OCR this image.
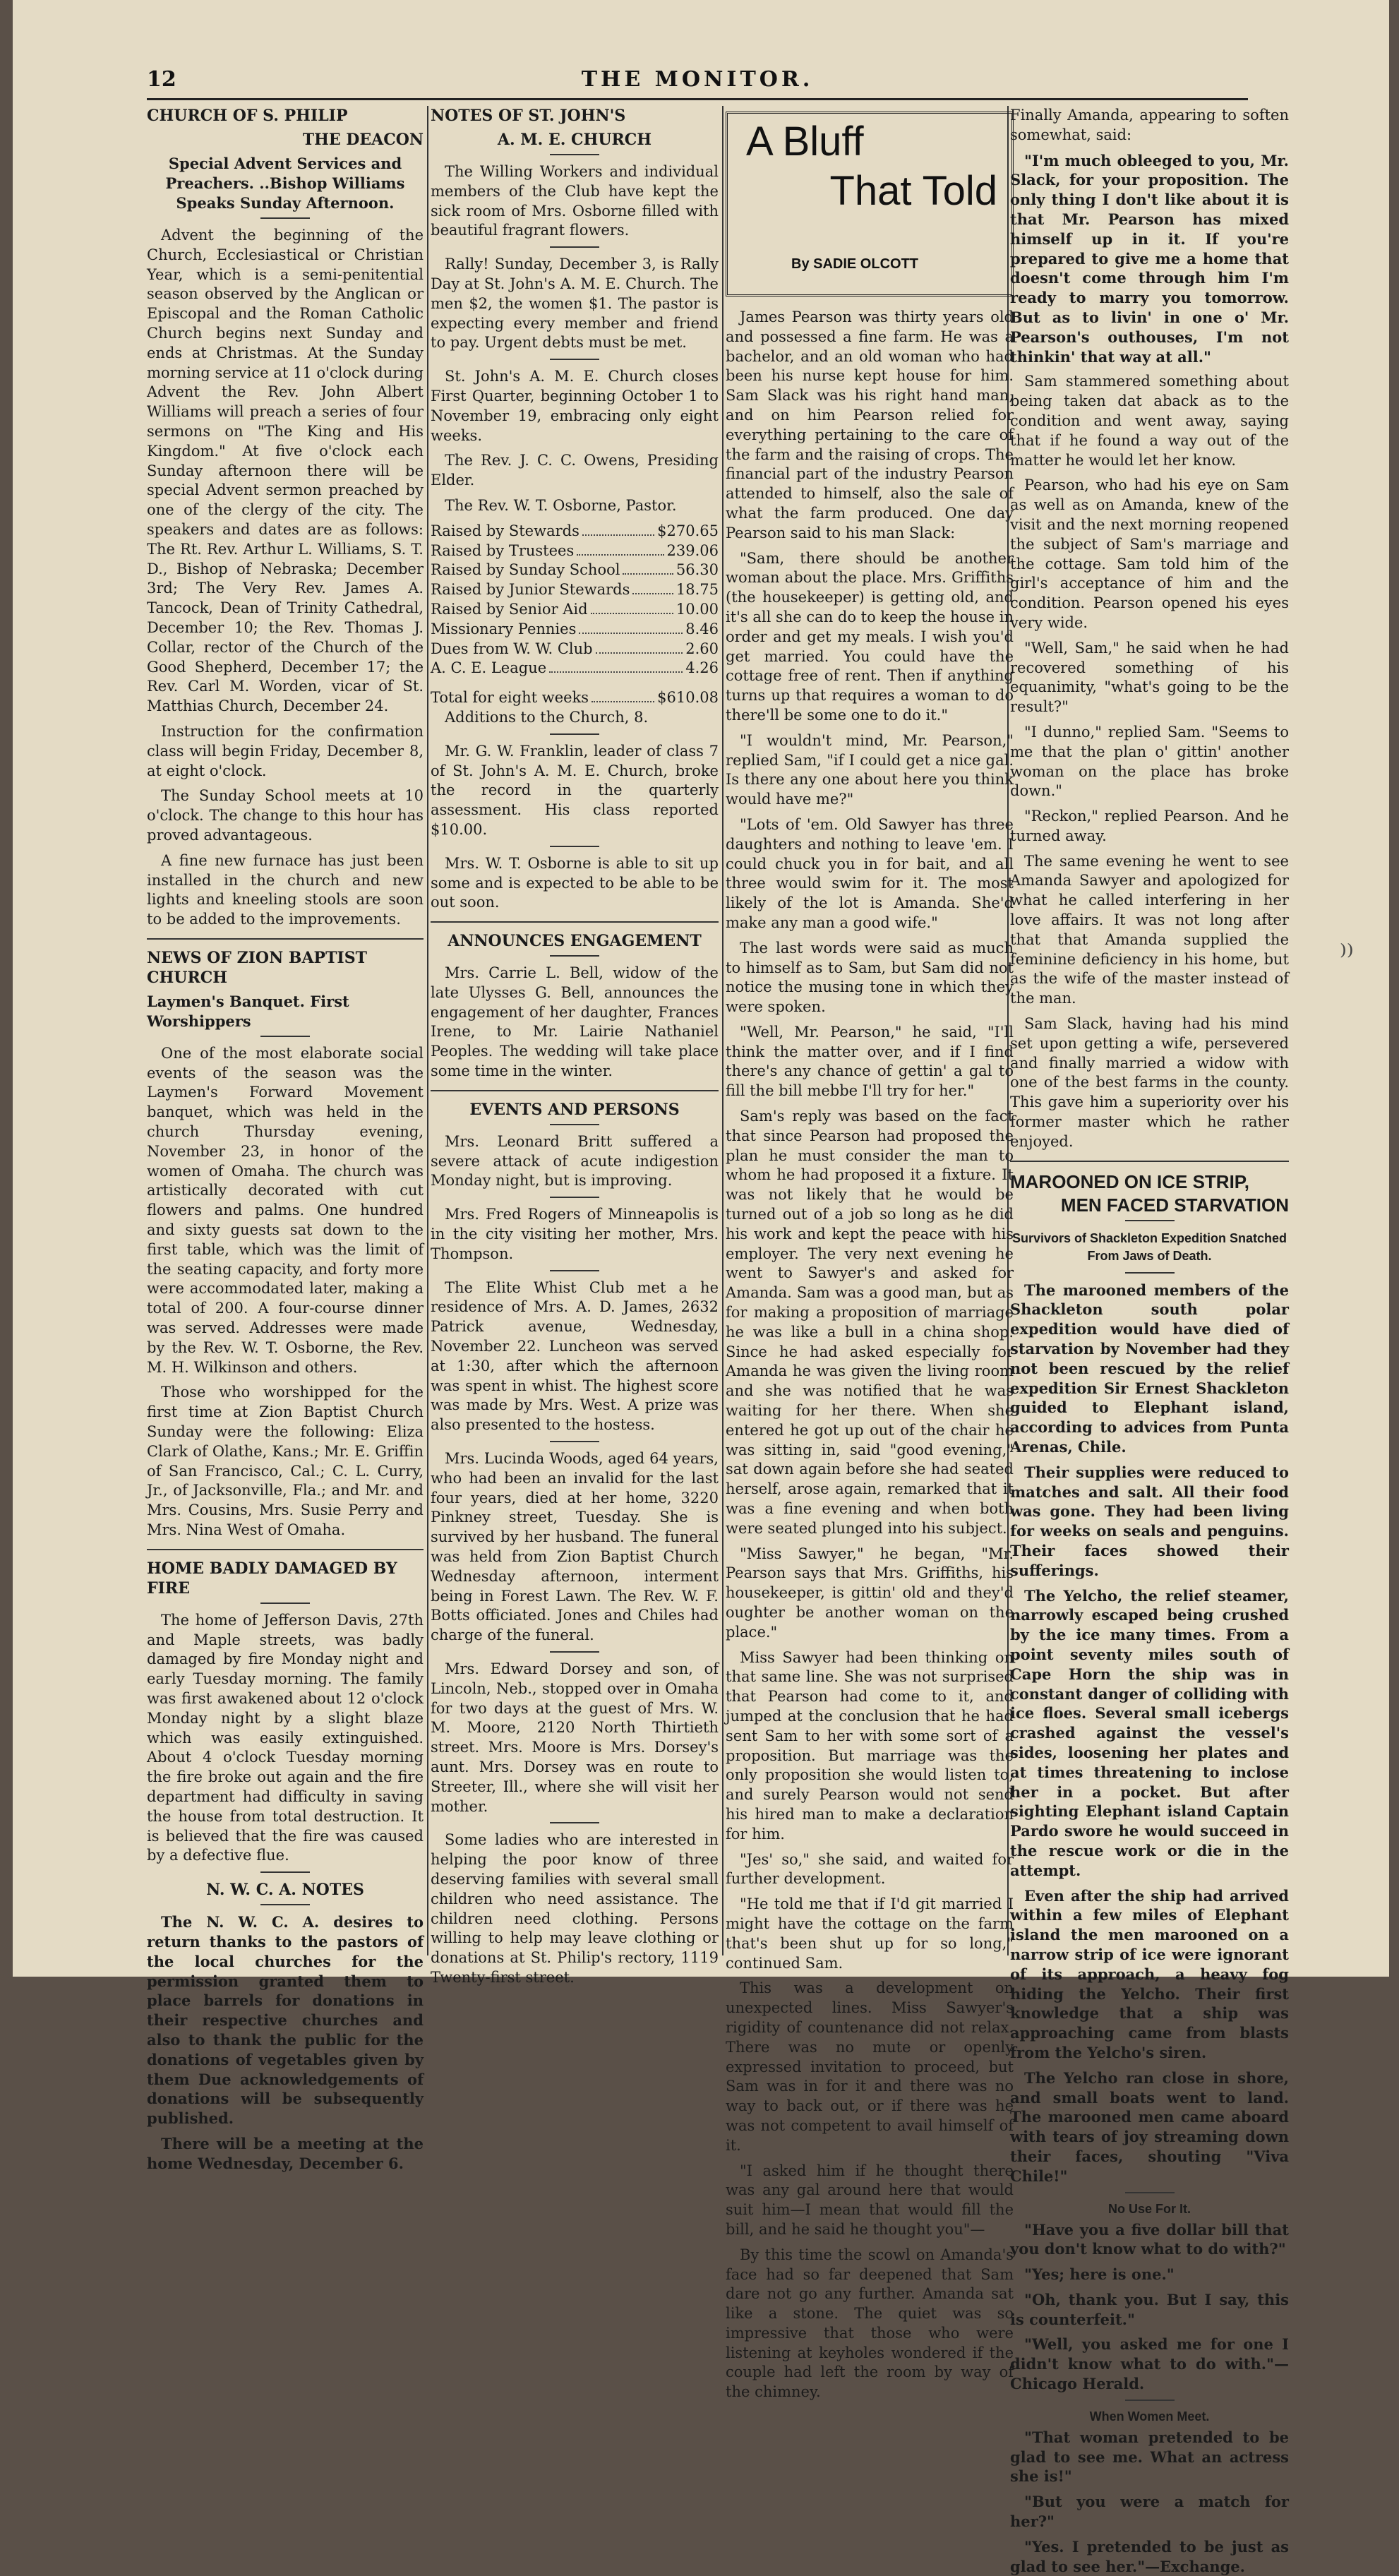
12	THE MONITOR.
CHURCH OF S. PHILIP
THE DEACON
Special Advent Services and Preachers. ..Bishop Williams Speaks Sunday Afternoon.

Advent the beginning of the Church, Ecclesiastical or Christian Year, which is a semi-penitential season observed by the Anglican or Episcopal and the Roman Catholic Church begins next Sunday and ends at Christmas. At the Sunday morning service at 11 o'clock during Advent the Rev. John Albert Williams will preach a series of four sermons on "The King and His Kingdom." At five o'clock each Sunday afternoon there will be special Advent sermon preached by one of the clergy of the city. The speakers and dates are as follows: The Rt. Rev. Arthur L. Williams, S. T. D., Bishop of Nebraska; December 3rd; The Very Rev. James A. Tancock, Dean of Trinity Cathedral, December 10; the Rev. Thomas J. Collar, rector of the Church of the Good Shepherd, December 17; the Rev. Carl M. Worden, vicar of St. Matthias Church, December 24.

Instruction for the confirmation class will begin Friday, December 8, at eight o'clock.

The Sunday School meets at 10 o'clock. The change to this hour has proved advantageous.

A fine new furnace has just been installed in the church and new lights and kneeling stools are soon to be added to the improvements.

NEWS OF ZION BAPTIST CHURCH
Laymen's Banquet. First Worshippers

One of the most elaborate social events of the season was the Laymen's Forward Movement banquet, which was held in the church Thursday evening, November 23, in honor of the women of Omaha. The church was artistically decorated with cut flowers and palms. One hundred and sixty guests sat down to the first table, which was the limit of the seating capacity, and forty more were accommodated later, making a total of 200. A four-course dinner was served. Addresses were made by the Rev. W. T. Osborne, the Rev. M. H. Wilkinson and others.

Those who worshipped for the first time at Zion Baptist Church Sunday were the following: Eliza Clark of Olathe, Kans.; Mr. E. Griffin of San Francisco, Cal.; C. L. Curry, Jr., of Jacksonville, Fla.; and Mr. and Mrs. Cousins, Mrs. Susie Perry and Mrs. Nina West of Omaha.

HOME BADLY DAMAGED BY FIRE

The home of Jefferson Davis, 27th and Maple streets, was badly damaged by fire Monday night and early Tuesday morning. The family was first awakened about 12 o'clock Monday night by a slight blaze which was easily extinguished. About 4 o'clock Tuesday morning the fire broke out again and the fire department had difficulty in saving the house from total destruction. It is believed that the fire was caused by a defective flue.

N. W. C. A. NOTES

The N. W. C. A. desires to return thanks to the pastors of the local churches for the permission granted them to place barrels for donations in their respective churches and also to thank the public for the donations of vegetables given by them Due acknowledgements of donations will be subsequently published.

There will be a meeting at the home Wednesday, December 6.

NOTES OF ST. JOHN'S
A. M. E. CHURCH

The Willing Workers and individual members of the Club have kept the sick room of Mrs. Osborne filled with beautiful fragrant flowers.

Rally! Sunday, December 3, is Rally Day at St. John's A. M. E. Church. The men $2, the women $1. The pastor is expecting every member and friend to pay. Urgent debts must be met.

St. John's A. M. E. Church closes First Quarter, beginning October 1 to November 19, embracing only eight weeks.

The Rev. J. C. C. Owens, Presiding Elder.

The Rev. W. T. Osborne, Pastor.

Raised by Stewards	$270.65
Raised by Trustees	239.06
Raised by Sunday School	56.30
Raised by Junior Stewards	18.75
Raised by Senior Aid	10.00
Missionary Pennies	8.46
Dues from W. W. Club	2.60
A. C. E. League	4.26
Total for eight weeks	$610.08

Additions to the Church, 8.

Mr. G. W. Franklin, leader of class 7 of St. John's A. M. E. Church, broke the record in the quarterly assessment. His class reported $10.00.

Mrs. W. T. Osborne is able to sit up some and is expected to be able to be out soon.

ANNOUNCES ENGAGEMENT

Mrs. Carrie L. Bell, widow of the late Ulysses G. Bell, announces the engagement of her daughter, Frances Irene, to Mr. Lairie Nathaniel Peoples. The wedding will take place some time in the winter.

EVENTS AND PERSONS

Mrs. Leonard Britt suffered a severe attack of acute indigestion Monday night, but is improving.

Mrs. Fred Rogers of Minneapolis is in the city visiting her mother, Mrs. Thompson.

The Elite Whist Club met a he residence of Mrs. A. D. James, 2632 Patrick avenue, Wednesday, November 22. Luncheon was served at 1:30, after which the afternoon was spent in whist. The highest score was made by Mrs. West. A prize was also presented to the hostess.

Mrs. Lucinda Woods, aged 64 years, who had been an invalid for the last four years, died at her home, 3220 Pinkney street, Tuesday. She is survived by her husband. The funeral was held from Zion Baptist Church Wednesday afternoon, interment being in Forest Lawn. The Rev. W. F. Botts officiated. Jones and Chiles had charge of the funeral.

Mrs. Edward Dorsey and son, of Lincoln, Neb., stopped over in Omaha for two days at the guest of Mrs. W. M. Moore, 2120 North Thirtieth street. Mrs. Moore is Mrs. Dorsey's aunt. Mrs. Dorsey was en route to Streeter, Ill., where she will visit her mother.

Some ladies who are interested in helping the poor know of three deserving families with several small children who need assistance. The children need clothing. Persons willing to help may leave clothing or donations at St. Philip's rectory, 1119 Twenty-first street.

A Bluff
That Told
By SADIE OLCOTT

James Pearson was thirty years old and possessed a fine farm. He was a bachelor, and an old woman who had been his nurse kept house for him. Sam Slack was his right hand man, and on him Pearson relied for everything pertaining to the care of the farm and the raising of crops. The financial part of the industry Pearson attended to himself, also the sale of what the farm produced. One day Pearson said to his man Slack:

"Sam, there should be another woman about the place. Mrs. Griffiths (the housekeeper) is getting old, and it's all she can do to keep the house in order and get my meals. I wish you'd get married. You could have the cottage free of rent. Then if anything turns up that requires a woman to do there'll be some one to do it."

"I wouldn't mind, Mr. Pearson," replied Sam, "if I could get a nice gal. Is there any one about here you think would have me?"

"Lots of 'em. Old Sawyer has three daughters and nothing to leave 'em. I could chuck you in for bait, and all three would swim for it. The most likely of the lot is Amanda. She'd make any man a good wife."

The last words were said as much to himself as to Sam, but Sam did not notice the musing tone in which they were spoken.

"Well, Mr. Pearson," he said, "I'll think the matter over, and if I find there's any chance of gettin' a gal to fill the bill mebbe I'll try for her."

Sam's reply was based on the fact that since Pearson had proposed the plan he must consider the man to whom he had proposed it a fixture. It was not likely that he would be turned out of a job so long as he did his work and kept the peace with his employer. The very next evening he went to Sawyer's and asked for Amanda. Sam was a good man, but as for making a proposition of marriage he was like a bull in a china shop. Since he had asked especially for Amanda he was given the living room and she was notified that he was waiting for her there. When she entered he got up out of the chair he was sitting in, said "good evening," sat down again before she had seated herself, arose again, remarked that it was a fine evening and when both were seated plunged into his subject.

"Miss Sawyer," he began, "Mr. Pearson says that Mrs. Griffiths, his housekeeper, is gittin' old and they'd oughter be another woman on the place."

Miss Sawyer had been thinking on that same line. She was not surprised that Pearson had come to it, and jumped at the conclusion that he had sent Sam to her with some sort of a proposition. But marriage was the only proposition she would listen to, and surely Pearson would not send his hired man to make a declaration for him.

"Jes' so," she said, and waited for further development.

"He told me that if I'd git married I might have the cottage on the farm that's been shut up for so long," continued Sam.

This was a development on unexpected lines. Miss Sawyer's rigidity of countenance did not relax. There was no mute or openly expressed invitation to proceed, but Sam was in for it and there was no way to back out, or if there was he was not competent to avail himself of it.

"I asked him if he thought there was any gal around here that would suit him—I mean that would fill the bill, and he said he thought you"—

By this time the scowl on Amanda's face had so far deepened that Sam dare not go any further. Amanda sat like a stone. The quiet was so impressive that those who were listening at keyholes wondered if the couple had left the room by way of the chimney.

Finally Amanda, appearing to soften somewhat, said:

"I'm much obleeged to you, Mr. Slack, for your proposition. The only thing I don't like about it is that Mr. Pearson has mixed himself up in it. If you're prepared to give me a home that doesn't come through him I'm ready to marry you tomorrow. But as to livin' in one o' Mr. Pearson's outhouses, I'm not thinkin' that way at all."

Sam stammered something about being taken dat aback as to the condition and went away, saying that if he found a way out of the matter he would let her know.

Pearson, who had his eye on Sam as well as on Amanda, knew of the visit and the next morning reopened the subject of Sam's marriage and the cottage. Sam told him of the girl's acceptance of him and the condition. Pearson opened his eyes very wide.

"Well, Sam," he said when he had recovered something of his equanimity, "what's going to be the result?"

"I dunno," replied Sam. "Seems to me that the plan o' gittin' another woman on the place has broke down."

"Reckon," replied Pearson. And he turned away.

The same evening he went to see Amanda Sawyer and apologized for what he called interfering in her love affairs. It was not long after that that Amanda supplied the feminine deficiency in his home, but as the wife of the master instead of the man.

Sam Slack, having had his mind set upon getting a wife, persevered and finally married a widow with one of the best farms in the county. This gave him a superiority over his former master which he rather enjoyed.

MAROONED ON ICE STRIP,
MEN FACED STARVATION
Survivors of Shackleton Expedition Snatched From Jaws of Death.

The marooned members of the Shackleton south polar expedition would have died of starvation by November had they not been rescued by the relief expedition Sir Ernest Shackleton guided to Elephant island, according to advices from Punta Arenas, Chile.

Their supplies were reduced to matches and salt. All their food was gone. They had been living for weeks on seals and penguins. Their faces showed their sufferings.

The Yelcho, the relief steamer, narrowly escaped being crushed by the ice many times. From a point seventy miles south of Cape Horn the ship was in constant danger of colliding with ice floes. Several small icebergs crashed against the vessel's sides, loosening her plates and at times threatening to inclose her in a pocket. But after sighting Elephant island Captain Pardo swore he would succeed in the rescue work or die in the attempt.

Even after the ship had arrived within a few miles of Elephant island the men marooned on a narrow strip of ice were ignorant of its approach, a heavy fog hiding the Yelcho. Their first knowledge that a ship was approaching came from blasts from the Yelcho's siren.

The Yelcho ran close in shore, and small boats went to land. The marooned men came aboard with tears of joy streaming down their faces, shouting "Viva Chile!"

No Use For It.

"Have you a five dollar bill that you don't know what to do with?"

"Yes; here is one."

"Oh, thank you. But I say, this is counterfeit."

"Well, you asked me for one I didn't know what to do with."—Chicago Herald.

When Women Meet.

"That woman pretended to be glad to see me. What an actress she is!"

"But you were a match for her?"

"Yes. I pretended to be just as glad to see her."—Exchange.

⁾⁾
